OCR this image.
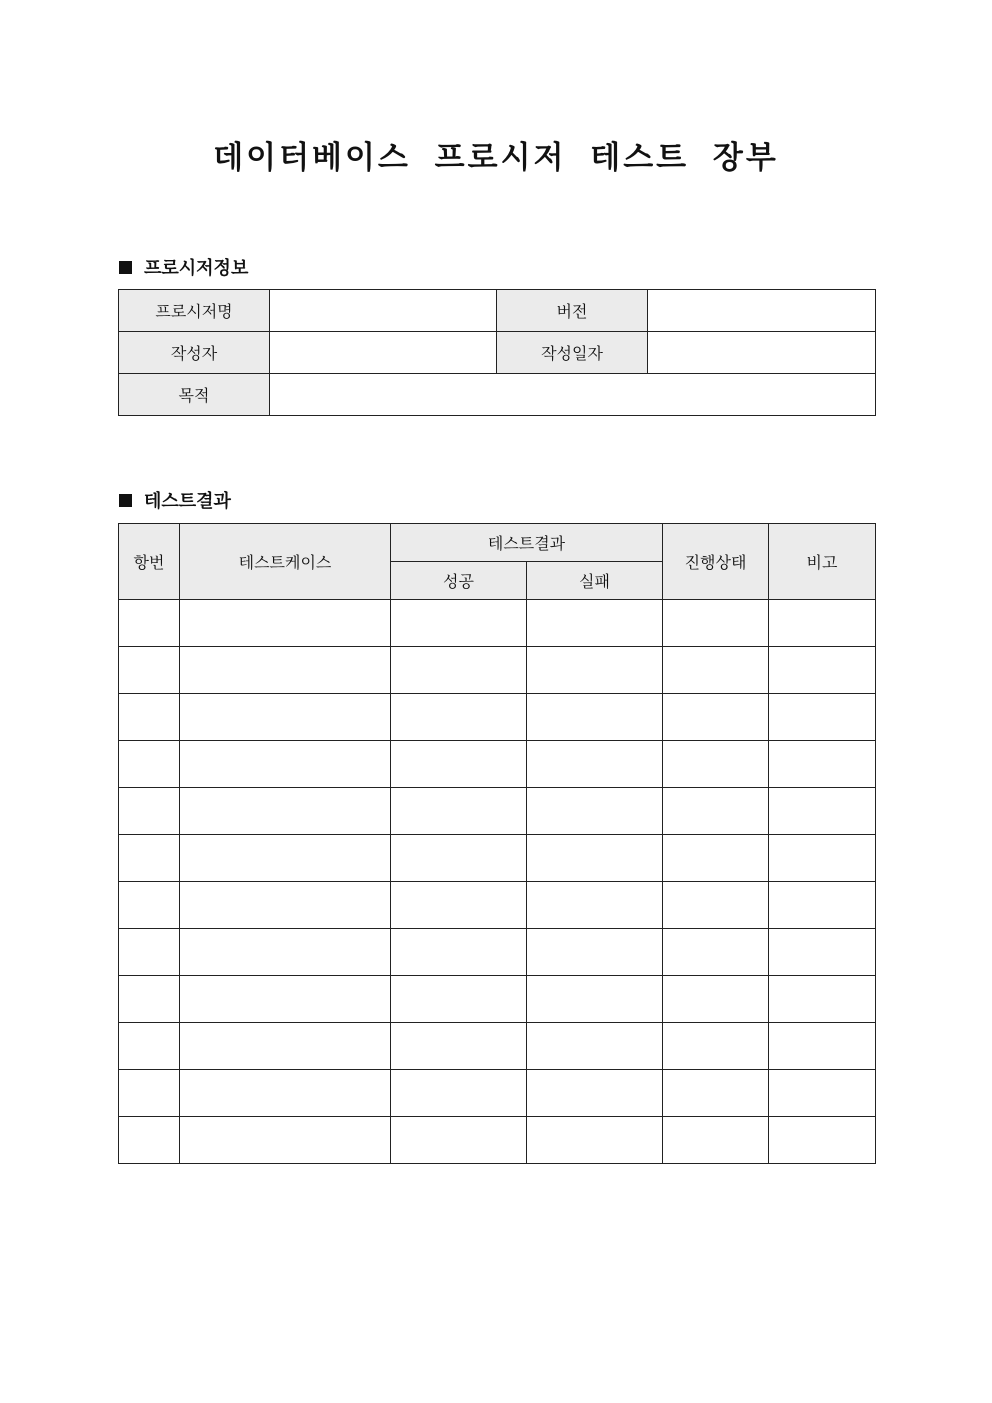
데이터베이스 프로시저 테스트 장부
프로시저정보
프로시저명		버전	
작성자		작성일자	
목적			
테스트결과
항번	테스트케이스	테스트결과		진행상태	비고
		성공	실패		
